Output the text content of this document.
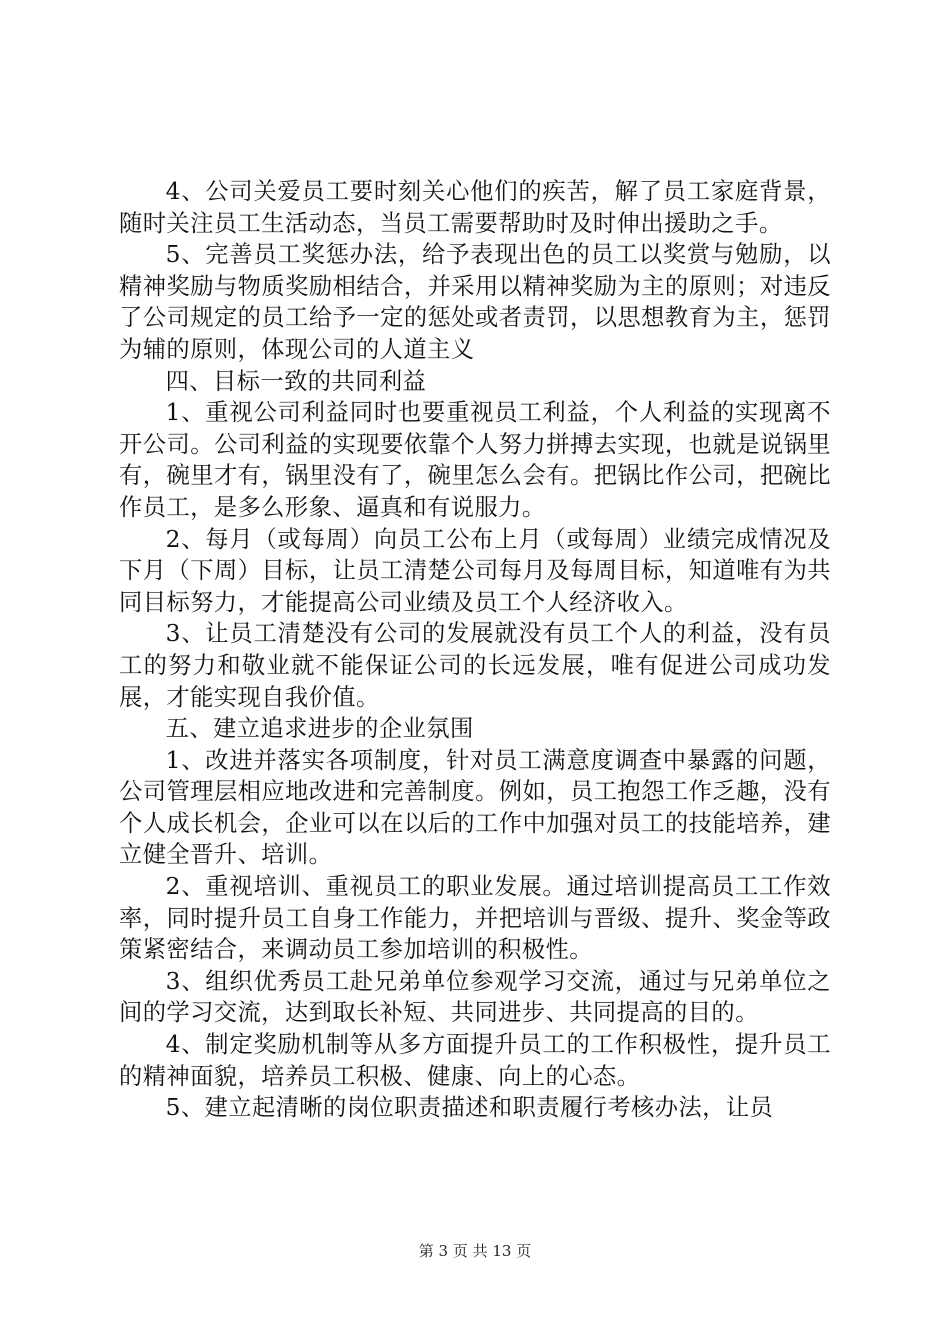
4、公司关爱员工要时刻关心他们的疾苦，解了员工家庭背景，随时关注员工生活动态，当员工需要帮助时及时伸出援助之手。

5、完善员工奖惩办法，给予表现出色的员工以奖赏与勉励，以精神奖励与物质奖励相结合，并采用以精神奖励为主的原则；对违反了公司规定的员工给予一定的惩处或者责罚，以思想教育为主，惩罚为辅的原则，体现公司的人道主义

四、目标一致的共同利益

1、重视公司利益同时也要重视员工利益，个人利益的实现离不开公司。公司利益的实现要依靠个人努力拼搏去实现，也就是说锅里有，碗里才有，锅里没有了，碗里怎么会有。把锅比作公司，把碗比作员工，是多么形象、逼真和有说服力。

2、每月（或每周）向员工公布上月（或每周）业绩完成情况及下月（下周）目标，让员工清楚公司每月及每周目标，知道唯有为共同目标努力，才能提高公司业绩及员工个人经济收入。

3、让员工清楚没有公司的发展就没有员工个人的利益，没有员工的努力和敬业就不能保证公司的长远发展，唯有促进公司成功发展，才能实现自我价值。

五、建立追求进步的企业氛围

1、改进并落实各项制度，针对员工满意度调查中暴露的问题，公司管理层相应地改进和完善制度。例如，员工抱怨工作乏趣，没有个人成长机会，企业可以在以后的工作中加强对员工的技能培养，建立健全晋升、培训。

2、重视培训、重视员工的职业发展。通过培训提高员工工作效率，同时提升员工自身工作能力，并把培训与晋级、提升、奖金等政策紧密结合，来调动员工参加培训的积极性。

3、组织优秀员工赴兄弟单位参观学习交流，通过与兄弟单位之间的学习交流，达到取长补短、共同进步、共同提高的目的。

4、制定奖励机制等从多方面提升员工的工作积极性，提升员工的精神面貌，培养员工积极、健康、向上的心态。

5、建立起清晰的岗位职责描述和职责履行考核办法，让员

第 3 页 共 13 页
